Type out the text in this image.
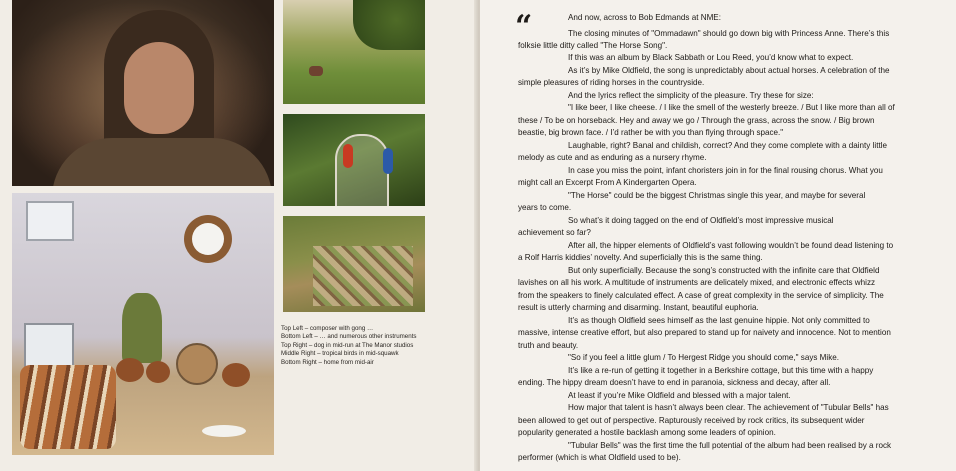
Top Left – composer with gong …
Bottom Left – … and numerous other instruments
Top Right – dog in mid-run at The Manor studios
Middle Right – tropical birds in mid-squawk
Bottom Right – home from mid-air
“	And now, across to Bob Edmands at NME:
The closing minutes of "Ommadawn" should go down big with Princess Anne. There’s this
folksie little ditty called "The Horse Song".
If this was an album by Black Sabbath or Lou Reed, you’d know what to expect.
As it’s by Mike Oldfield, the song is unpredictably about actual horses. A celebration of the
simple pleasures of riding horses in the countryside.
And the lyrics reflect the simplicity of the pleasure. Try these for size:
"I like beer, I like cheese. / I like the smell of the westerly breeze. / But I like more than all of
these / To be on horseback. Hey and away we go / Through the grass, across the snow. / Big brown
beastie, big brown face. / I’d rather be with you than flying through space."
Laughable, right? Banal and childish, correct? And they come complete with a dainty little
melody as cute and as enduring as a nursery rhyme.
In case you miss the point, infant choristers join in for the final rousing chorus. What you
might call an Excerpt From A Kindergarten Opera.
"The Horse" could be the biggest Christmas single this year, and maybe for several
years to come.
So what’s it doing tagged on the end of Oldfield’s most impressive musical
achievement so far?
After all, the hipper elements of Oldfield’s vast following wouldn’t be found dead listening to
a Rolf Harris kiddies’ novelty. And superficially this is the same thing.
But only superficially. Because the song’s constructed with the infinite care that Oldfield
lavishes on all his work. A multitude of instruments are delicately mixed, and electronic effects whizz
from the speakers to finely calculated effect. A case of great complexity in the service of simplicity. The
result is utterly charming and disarming. Instant, beautiful euphoria.
It’s as though Oldfield sees himself as the last genuine hippie. Not only committed to
massive, intense creative effort, but also prepared to stand up for naivety and innocence. Not to mention
truth and beauty.
"So if you feel a little glum / To Hergest Ridge you should come," says Mike.
It’s like a re-run of getting it together in a Berkshire cottage, but this time with a happy
ending. The hippy dream doesn’t have to end in paranoia, sickness and decay, after all.
At least if you’re Mike Oldfield and blessed with a major talent.
How major that talent is hasn’t always been clear. The achievement of "Tubular Bells" has
been allowed to get out of perspective. Rapturously received by rock critics, its subsequent wider
popularity generated a hostile backlash among some leaders of opinion.
"Tubular Bells" was the first time the full potential of the album had been realised by a rock
performer (which is what Oldfield used to be).
